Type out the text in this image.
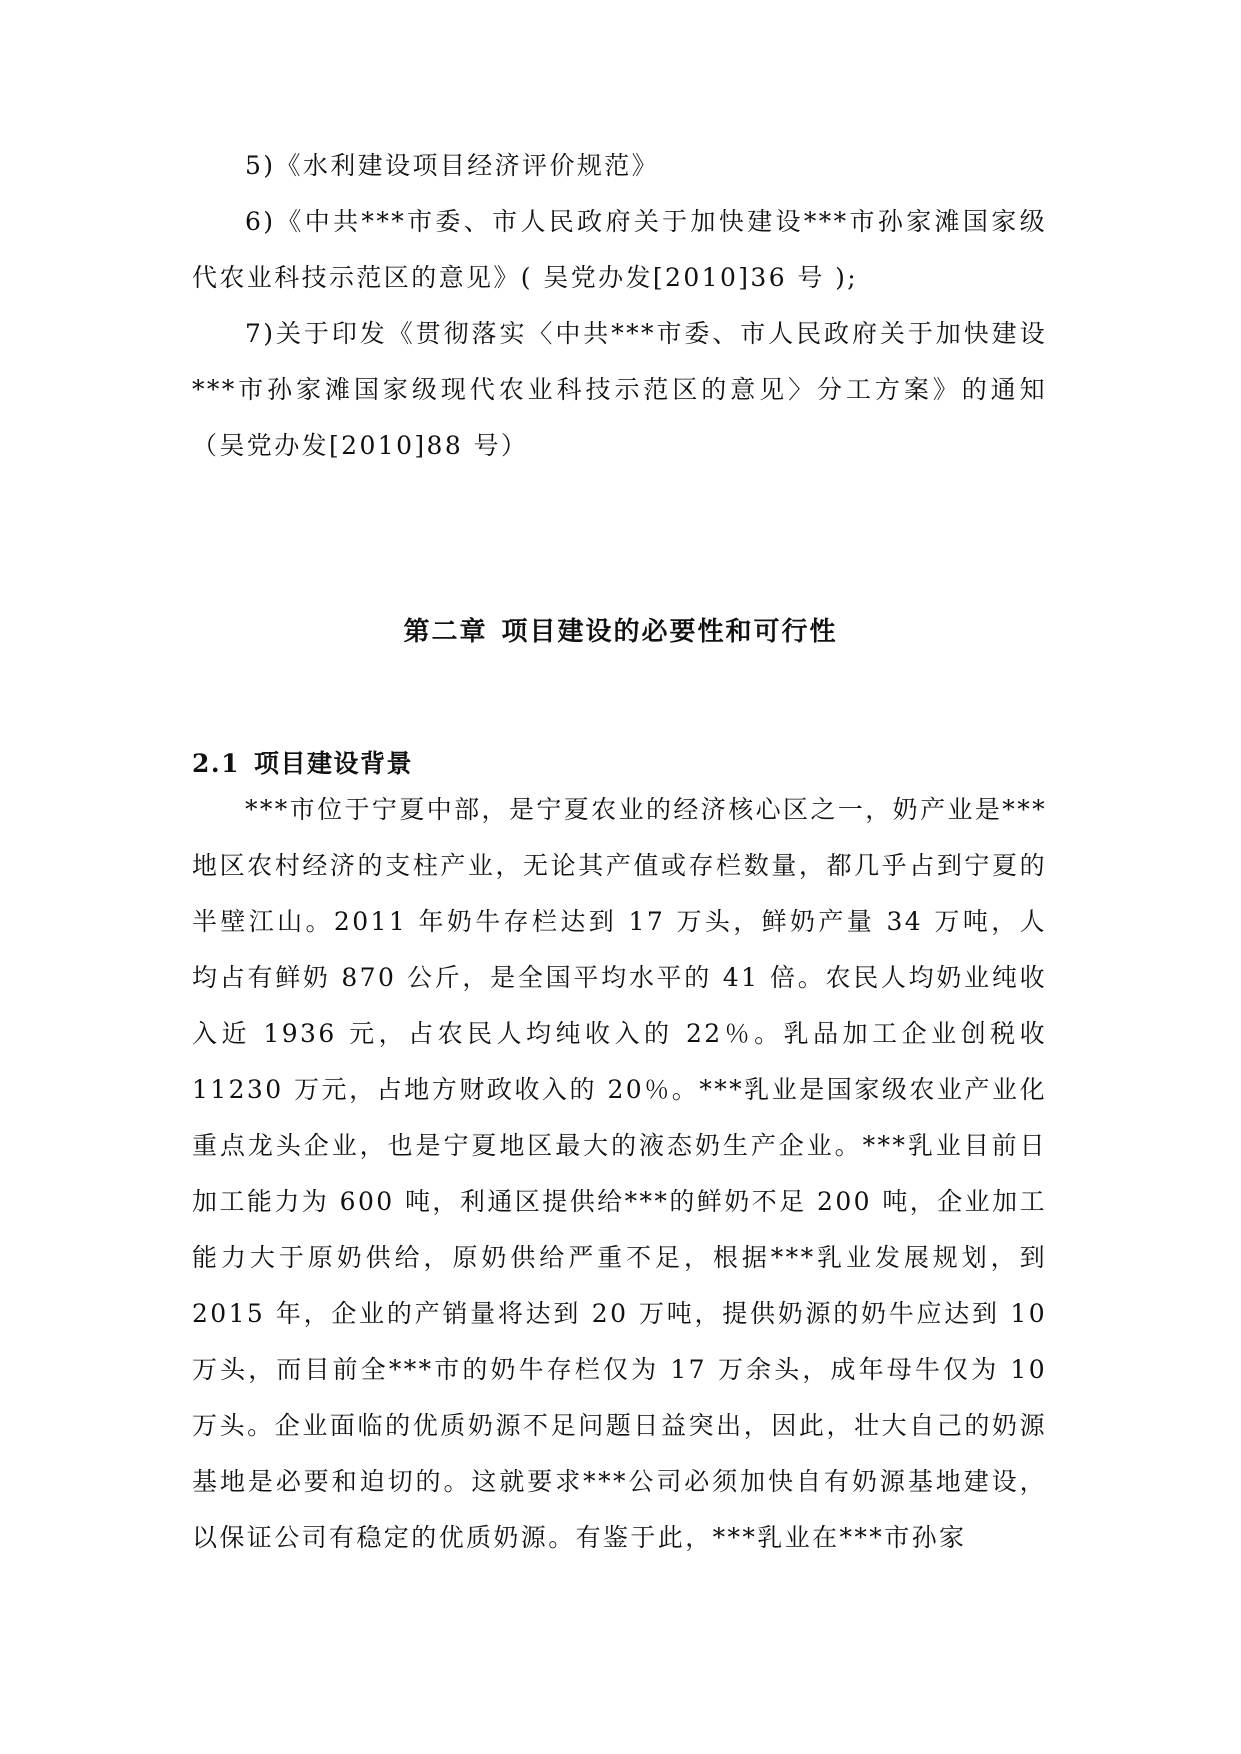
5)《水利建设项目经济评价规范》

6)《中共***市委、市人民政府关于加快建设***市孙家滩国家级代农业科技示范区的意见》( 吴党办发[2010]36 号 );

7)关于印发《贯彻落实〈中共***市委、市人民政府关于加快建设***市孙家滩国家级现代农业科技示范区的意见〉分工方案》的通知（吴党办发[2010]88 号）

第二章 项目建设的必要性和可行性
2.1 项目建设背景

***市位于宁夏中部，是宁夏农业的经济核心区之一，奶产业是***地区农村经济的支柱产业，无论其产值或存栏数量，都几乎占到宁夏的半壁江山。2011 年奶牛存栏达到 17 万头，鲜奶产量 34 万吨，人均占有鲜奶 870 公斤，是全国平均水平的 41 倍。农民人均奶业纯收入近 1936 元，占农民人均纯收入的 22％。乳品加工企业创税收11230 万元，占地方财政收入的 20％。***乳业是国家级农业产业化重点龙头企业，也是宁夏地区最大的液态奶生产企业。***乳业目前日加工能力为 600 吨，利通区提供给***的鲜奶不足 200 吨，企业加工能力大于原奶供给，原奶供给严重不足，根据***乳业发展规划，到 2015 年，企业的产销量将达到 20 万吨，提供奶源的奶牛应达到 10万头，而目前全***市的奶牛存栏仅为 17 万余头，成年母牛仅为 10万头。企业面临的优质奶源不足问题日益突出，因此，壮大自己的奶源基地是必要和迫切的。这就要求***公司必须加快自有奶源基地建设，以保证公司有稳定的优质奶源。有鉴于此，***乳业在***市孙家
